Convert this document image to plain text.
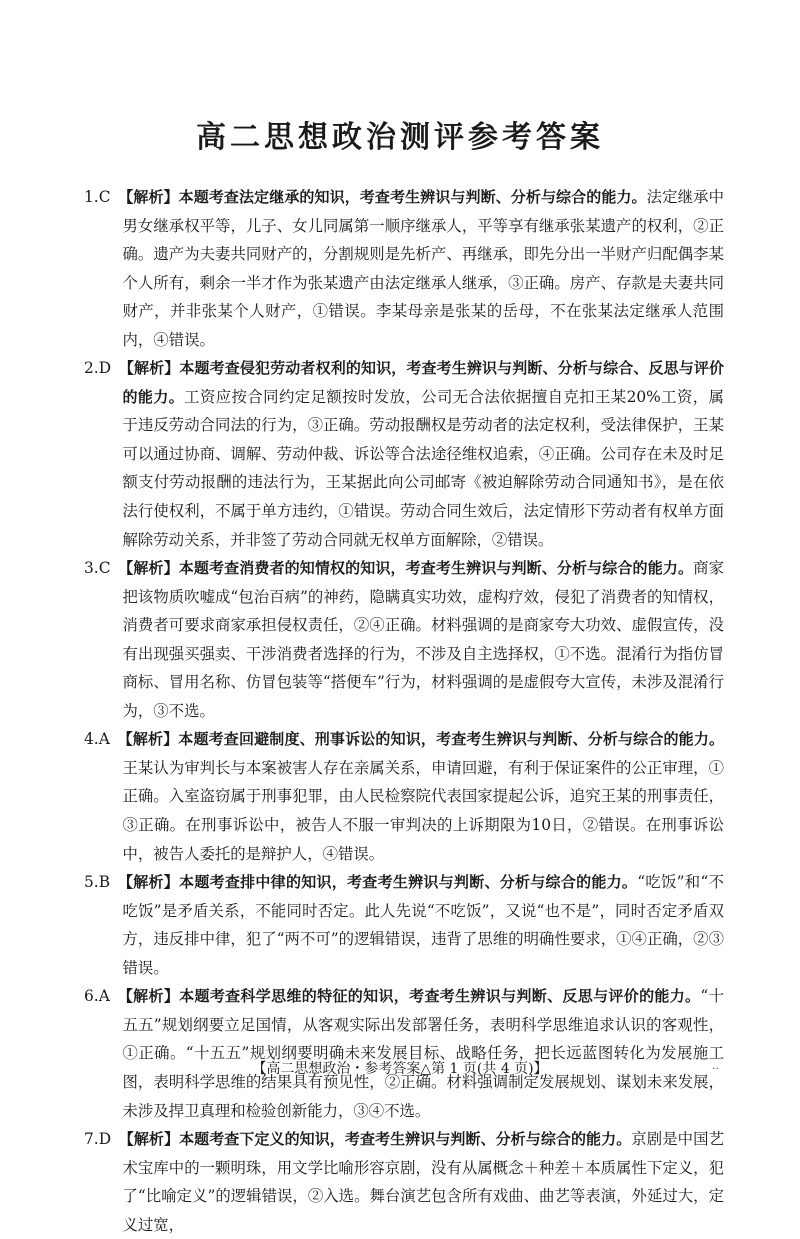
高二思想政治测评参考答案

1.C 【解析】本题考查法定继承的知识，考查考生辨识与判断、分析与综合的能力。法定继承中男女继承权平等，儿子、女儿同属第一顺序继承人，平等享有继承张某遗产的权利，②正确。遗产为夫妻共同财产的，分割规则是先析产、再继承，即先分出一半财产归配偶李某个人所有，剩余一半才作为张某遗产由法定继承人继承，③正确。房产、存款是夫妻共同财产，并非张某个人财产，①错误。李某母亲是张某的岳母，不在张某法定继承人范围内，④错误。

2.D 【解析】本题考查侵犯劳动者权利的知识，考查考生辨识与判断、分析与综合、反思与评价的能力。工资应按合同约定足额按时发放，公司无合法依据擅自克扣王某20%工资，属于违反劳动合同法的行为，③正确。劳动报酬权是劳动者的法定权利，受法律保护，王某可以通过协商、调解、劳动仲裁、诉讼等合法途径维权追索，④正确。公司存在未及时足额支付劳动报酬的违法行为，王某据此向公司邮寄《被迫解除劳动合同通知书》，是在依法行使权利，不属于单方违约，①错误。劳动合同生效后，法定情形下劳动者有权单方面解除劳动关系，并非签了劳动合同就无权单方面解除，②错误。

3.C 【解析】本题考查消费者的知情权的知识，考查考生辨识与判断、分析与综合的能力。商家把该物质吹嘘成“包治百病”的神药，隐瞒真实功效，虚构疗效，侵犯了消费者的知情权，消费者可要求商家承担侵权责任，②④正确。材料强调的是商家夸大功效、虚假宣传，没有出现强买强卖、干涉消费者选择的行为，不涉及自主选择权，①不选。混淆行为指仿冒商标、冒用名称、仿冒包装等“搭便车”行为，材料强调的是虚假夸大宣传，未涉及混淆行为，③不选。

4.A 【解析】本题考查回避制度、刑事诉讼的知识，考查考生辨识与判断、分析与综合的能力。王某认为审判长与本案被害人存在亲属关系，申请回避，有利于保证案件的公正审理，①正确。入室盗窃属于刑事犯罪，由人民检察院代表国家提起公诉，追究王某的刑事责任，③正确。在刑事诉讼中，被告人不服一审判决的上诉期限为10日，②错误。在刑事诉讼中，被告人委托的是辩护人，④错误。

5.B 【解析】本题考查排中律的知识，考查考生辨识与判断、分析与综合的能力。“吃饭”和“不吃饭”是矛盾关系，不能同时否定。此人先说“不吃饭”，又说“也不是”，同时否定矛盾双方，违反排中律，犯了“两不可”的逻辑错误，违背了思维的明确性要求，①④正确，②③错误。

6.A 【解析】本题考查科学思维的特征的知识，考查考生辨识与判断、反思与评价的能力。“十五五”规划纲要立足国情，从客观实际出发部署任务，表明科学思维追求认识的客观性，①正确。“十五五”规划纲要明确未来发展目标、战略任务，把长远蓝图转化为发展施工图，表明科学思维的结果具有预见性，②正确。材料强调制定发展规划、谋划未来发展，未涉及捍卫真理和检验创新能力，③④不选。

7.D 【解析】本题考查下定义的知识，考查考生辨识与判断、分析与综合的能力。京剧是中国艺术宝库中的一颗明珠，用文学比喻形容京剧，没有从属概念＋种差＋本质属性下定义，犯了“比喻定义”的逻辑错误，②入选。舞台演艺包含所有戏曲、曲艺等表演，外延过大，定义过宽，

【高二思想政治・参考答案△第 1 页(共 4 页)】	··
